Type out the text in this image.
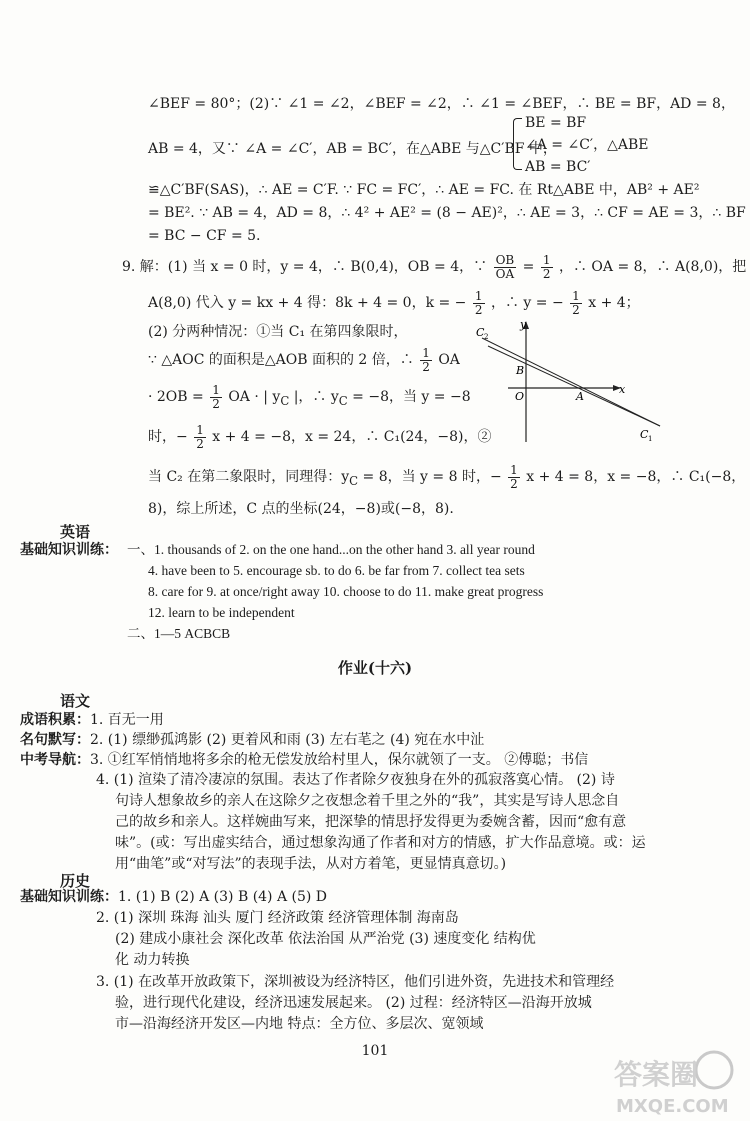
∠BEF = 80°；(2)∵ ∠1 = ∠2，∠BEF = ∠2，∴ ∠1 = ∠BEF，∴ BE = BF，AD = 8，
AB = 4，又∵ ∠A = ∠C′，AB = BC′，在△ABE 与△C′BF 中，
BE = BF
∠A = ∠C′，△ABE
AB = BC′
≌△C′BF(SAS)，∴ AE = C′F. ∵ FC = FC′，∴ AE = FC. 在 Rt△ABE 中，AB² + AE²
= BE². ∵ AB = 4，AD = 8，∴ 4² + AE² = (8 − AE)²，∴ AE = 3，∴ CF = AE = 3，∴ BF
= BC − CF = 5.
9. 解：(1) 当 x = 0 时，y = 4，∴ B(0,4)，OB = 4，∵ $\frac{OB}{OA} = \frac{1}{2}$ ，∴ OA = 8，∴ A(8,0)，把
A(8,0) 代入 y = kx + 4 得：8k + 4 = 0，k = − $\frac{1}{2}$ ，∴ y = − $\frac{1}{2}$ x + 4；
(2) 分两种情况：①当 C₁ 在第四象限时，
∵ △AOC 的面积是△AOB 面积的 2 倍，∴ $\frac{1}{2}$ OA
· $2OB = \frac{1}{2}$ OA · | $y_C$ |，∴ $y_C = -8$，当 y = −8
时，− $\frac{1}{2}$ x + 4 = −8，x = 24，∴ C₁(24，−8)，②
当 C₂ 在第二象限时，同理得：$y_C = 8$，当 y = 8 时，− $\frac{1}{2}$ x + 4 = 8，x = −8，∴ C₁(−8，
8)，综上所述，C 点的坐标(24，−8)或(−8，8).
y
x
B
O	A
C 1
C 2
英语
基础知识训练： 一、1. thousands of 2. on the one hand...on the other hand 3. all year round
4. have been to 5. encourage sb. to do 6. be far from 7. collect tea sets
8. care for 9. at once/right away 10. choose to do 11. make great progress
12. learn to be independent
二、1—5 ACBCB
作业(十六)
语文
成语积累：1. 百无一用
名句默写：2. (1) 缥缈孤鸿影 (2) 更着风和雨 (3) 左右芼之 (4) 宛在水中沚
中考导航：3. ①红军悄悄地将多余的枪无偿发放给村里人，保尔就领了一支。 ②傅聪；书信
4. (1) 渲染了清冷凄凉的氛围。表达了作者除夕夜独身在外的孤寂落寞心情。 (2) 诗
句诗人想象故乡的亲人在这除夕之夜想念着千里之外的“我”，其实是写诗人思念自
己的故乡和亲人。这样婉曲写来，把深挚的情思抒发得更为委婉含蓄，因而“愈有意
味”。(或：写出虚实结合，通过想象沟通了作者和对方的情感，扩大作品意境。或：运
用“曲笔”或“对写法”的表现手法，从对方着笔，更显情真意切。)
历史
基础知识训练：1. (1) B (2) A (3) B (4) A (5) D
2. (1) 深圳 珠海 汕头 厦门 经济政策 经济管理体制 海南岛
(2) 建成小康社会 深化改革 依法治国 从严治党 (3) 速度变化 结构优
化 动力转换
3. (1) 在改革开放政策下，深圳被设为经济特区，他们引进外资，先进技术和管理经
验，进行现代化建设，经济迅速发展起来。 (2) 过程：经济特区—沿海开放城
市—沿海经济开发区—内地 特点：全方位、多层次、宽领域
101
答案圈
MXQE.COM
